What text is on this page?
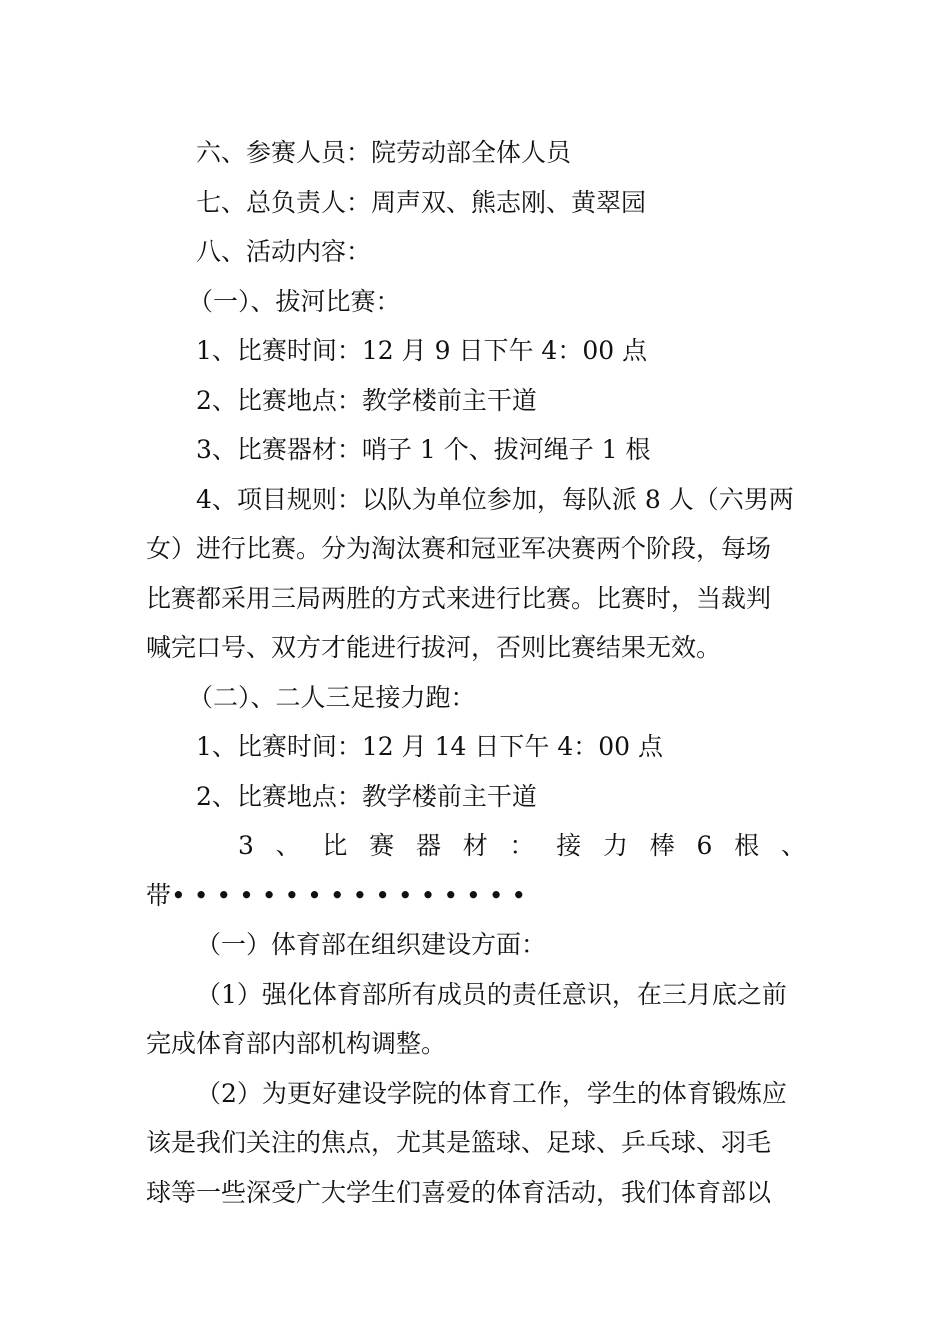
六、参赛人员：院劳动部全体人员
七、总负责人：周声双、熊志刚、黄翠园
八、活动内容：
（一）、拔河比赛：
1、比赛时间：12 月 9 日下午 4：00 点
2、比赛地点：教学楼前主干道
3、比赛器材：哨子 1 个、拔河绳子 1 根
4、项目规则：以队为单位参加，每队派 8 人（六男两
女）进行比赛。分为淘汰赛和冠亚军决赛两个阶段，每场
比赛都采用三局两胜的方式来进行比赛。比赛时，当裁判
喊完口号、双方才能进行拔河，否则比赛结果无效。
（二）、二人三足接力跑：
1、比赛时间：12 月 14 日下午 4：00 点
2、比赛地点：教学楼前主干道
3 、 比 赛 器 材 ： 接 力 棒 6 根 、
带• • • • • • • • • • • • • • • •
（一）体育部在组织建设方面：
（1）强化体育部所有成员的责任意识，在三月底之前
完成体育部内部机构调整。
（2）为更好建设学院的体育工作，学生的体育锻炼应
该是我们关注的焦点，尤其是篮球、足球、乒乓球、羽毛
球等一些深受广大学生们喜爱的体育活动，我们体育部以
